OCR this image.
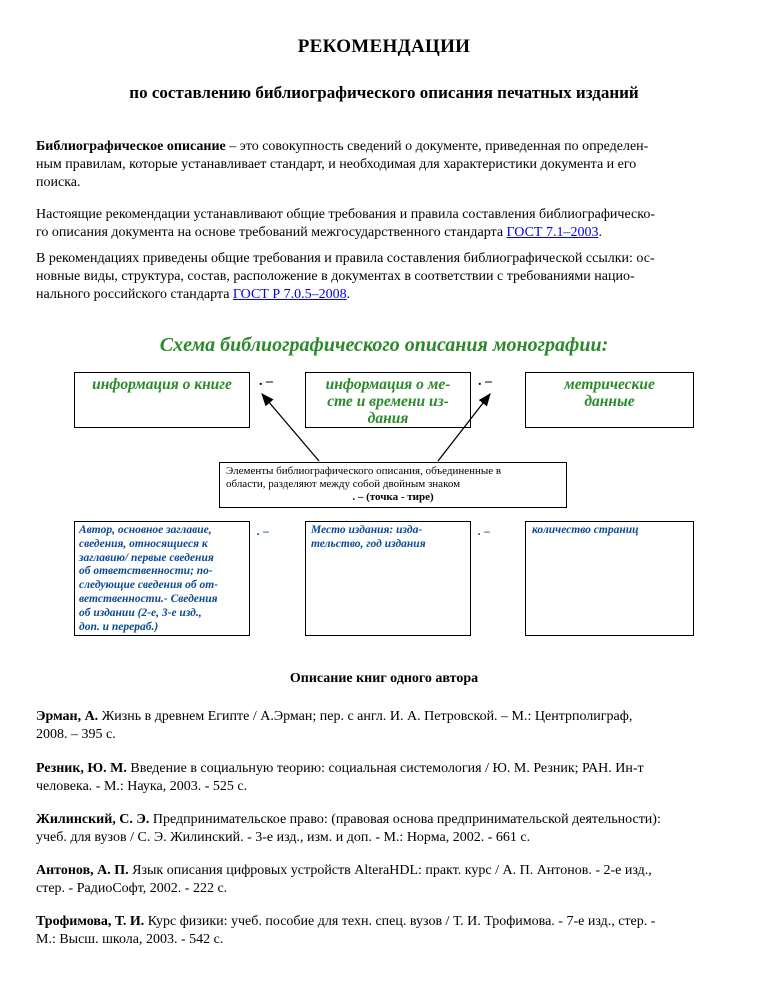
РЕКОМЕНДАЦИИ
по составлению библиографического описания печатных изданий
Библиографическое описание – это совокупность сведений о документе, приведенная по определен-
ным правилам, которые устанавливает стандарт, и необходимая для характеристики документа и его
поиска.
Настоящие рекомендации устанавливают общие требования и правила составления библиографическо-
го описания документа на основе требований межгосударственного стандарта ГОСТ 7.1–2003.
В рекомендациях приведены общие требования и правила составления библиографической ссылки: ос-
новные виды, структура, состав, расположение в документах в соответствии с требованиями нацио-
нального российского стандарта ГОСТ Р 7.0.5–2008.
Схема библиографического описания монографии:
информация о книге	. –	информация о ме-
сте и времени из-
дания
. –	метрические
данные
Элементы библиографического описания, объединенные в
области, разделяют между собой двойным знаком
. – (точка - тире)
Автор, основное заглавие,
сведения, относящиеся к
заглавию/ первые сведения
об ответственности; по-
следующие сведения об от-
ветственности.- Сведения
об издании (2-е, 3-е изд.,
доп. и перераб.)
. –	Место издания: изда-
тельство, год издания
. –	количество страниц
Описание книг одного автора
Эрман, А. Жизнь в древнем Египте / А.Эрман; пер. с англ. И. А. Петровской. – М.: Центрполиграф,
2008. – 395 с.
Резник, Ю. М. Введение в социальную теорию: социальная системология / Ю. М. Резник; РАН. Ин-т
человека. - М.: Наука, 2003. - 525 с.
Жилинский, С. Э. Предпринимательское право: (правовая основа предпринимательской деятельности):
учеб. для вузов / С. Э. Жилинский. - 3-е изд., изм. и доп. - М.: Норма, 2002. - 661 с.
Антонов, А. П. Язык описания цифровых устройств AlteraHDL: практ. курс / А. П. Антонов. - 2-е изд.,
стер. - РадиоСофт, 2002. - 222 с.
Трофимова, Т. И. Курс физики: учеб. пособие для техн. спец. вузов / Т. И. Трофимова. - 7-е изд., стер. -
М.: Высш. школа, 2003. - 542 с.
